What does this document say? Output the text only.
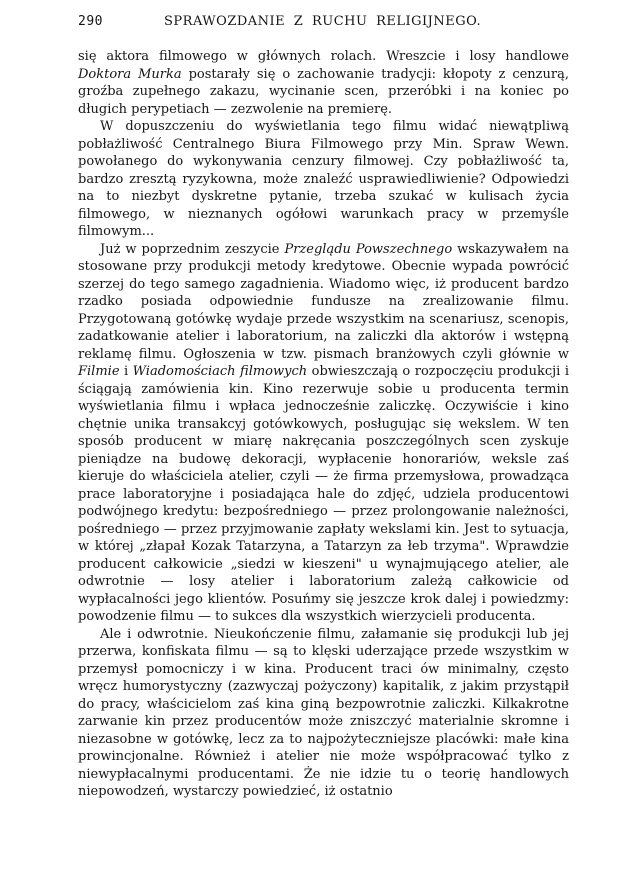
290	SPRAWOZDANIE Z RUCHU RELIGIJNEGO.

się aktora filmowego w głównych rolach. Wreszcie i losy handlowe Doktora Murka postarały się o zachowanie tradycji: kłopoty z cenzurą, groźba zupełnego zakazu, wycinanie scen, przeróbki i na koniec po długich perypetiach — zezwolenie na premierę.

W dopuszczeniu do wyświetlania tego filmu widać niewątpliwą pobłażliwość Centralnego Biura Filmowego przy Min. Spraw Wewn. powołanego do wykonywania cenzury filmowej. Czy pobłażliwość ta, bardzo zresztą ryzykowna, może znaleźć usprawiedliwienie? Odpowiedzi na to niezbyt dyskretne pytanie, trzeba szukać w kulisach życia filmowego, w nieznanych ogółowi warunkach pracy w przemyśle filmowym...

Już w poprzednim zeszycie Przeglądu Powszechnego wskazywałem na stosowane przy produkcji metody kredytowe. Obecnie wypada powrócić szerzej do tego samego zagadnienia. Wiadomo więc, iż producent bardzo rzadko posiada odpowiednie fundusze na zrealizowanie filmu. Przygotowaną gotówkę wydaje przede wszystkim na scenariusz, scenopis, zadatkowanie atelier i laboratorium, na zaliczki dla aktorów i wstępną reklamę filmu. Ogłoszenia w tzw. pismach branżowych czyli głównie w Filmie i Wiadomościach filmowych obwieszczają o rozpoczęciu produkcji i ściągają zamówienia kin. Kino rezerwuje sobie u producenta termin wyświetlania filmu i wpłaca jednocześnie zaliczkę. Oczywiście i kino chętnie unika transakcyj gotówkowych, posługując się wekslem. W ten sposób producent w miarę nakręcania poszczególnych scen zyskuje pieniądze na budowę dekoracji, wypłacenie honorariów, weksle zaś kieruje do właściciela atelier, czyli — że firma przemysłowa, prowadząca prace laboratoryjne i posiadająca hale do zdjęć, udziela producentowi podwójnego kredytu: bezpośredniego — przez prolongowanie należności, pośredniego — przez przyjmowanie zapłaty wekslami kin. Jest to sytuacja, w której „złapał Kozak Tatarzyna, a Tatarzyn za łeb trzyma". Wprawdzie producent całkowicie „siedzi w kieszeni" u wynajmującego atelier, ale odwrotnie — losy atelier i laboratorium zależą całkowicie od wypłacalności jego klientów. Posuńmy się jeszcze krok dalej i powiedzmy: powodzenie filmu — to sukces dla wszystkich wierzycieli producenta.

Ale i odwrotnie. Nieukończenie filmu, załamanie się produkcji lub jej przerwa, konfiskata filmu — są to klęski uderzające przede wszystkim w przemysł pomocniczy i w kina. Producent traci ów minimalny, często wręcz humorystyczny (zazwyczaj pożyczony) kapitalik, z jakim przystąpił do pracy, właścicielom zaś kina giną bezpowrotnie zaliczki. Kilkakrotne zarwanie kin przez producentów może zniszczyć materialnie skromne i niezasobne w gotówkę, lecz za to najpożyteczniejsze placówki: małe kina prowincjonalne. Również i atelier nie może współpracować tylko z niewypłacalnymi producentami. Że nie idzie tu o teorię handlowych niepowodzeń, wystarczy powiedzieć, iż ostatnio
